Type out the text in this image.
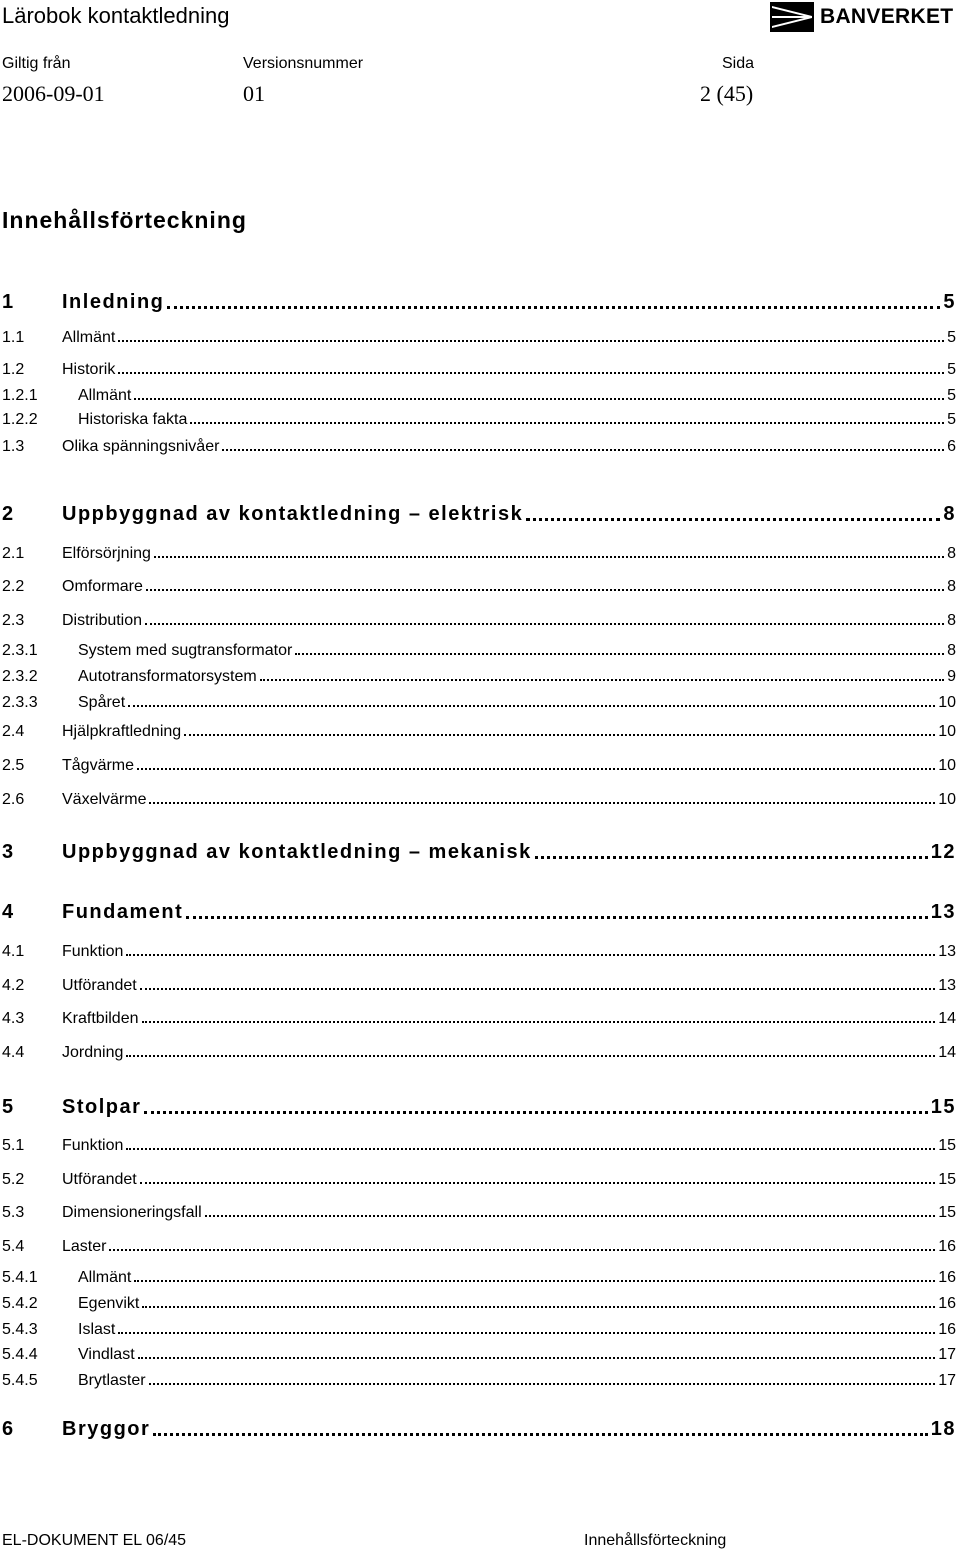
Lärobok kontaktledning	BANVERKET
Giltig från	Versionsnummer	Sida
2006-09-01	01	2 (45)
Innehållsförteckning
1 Inledning	5
1.1 Allmänt	5
1.2 Historik	5
1.2.1	Allmänt	5
1.2.2	Historiska fakta	5
1.3 Olika spänningsnivåer	6
2 Uppbyggnad av kontaktledning – elektrisk	8
2.1 Elförsörjning	8
2.2 Omformare	8
2.3 Distribution	8
2.3.1	System med sugtransformator	8
2.3.2	Autotransformatorsystem	9
2.3.3	Spåret	10
2.4 Hjälpkraftledning	10
2.5 Tågvärme	10
2.6 Växelvärme	10
3 Uppbyggnad av kontaktledning – mekanisk	12
4 Fundament	13
4.1 Funktion	13
4.2 Utförandet	13
4.3 Kraftbilden	14
4.4 Jordning	14
5 Stolpar	15
5.1 Funktion	15
5.2 Utförandet	15
5.3 Dimensioneringsfall	15
5.4 Laster	16
5.4.1	Allmänt	16
5.4.2	Egenvikt	16
5.4.3	Islast	16
5.4.4	Vindlast	17
5.4.5	Brytlaster	17
6 Bryggor	18
EL-DOKUMENT EL 06/45	Innehållsförteckning
